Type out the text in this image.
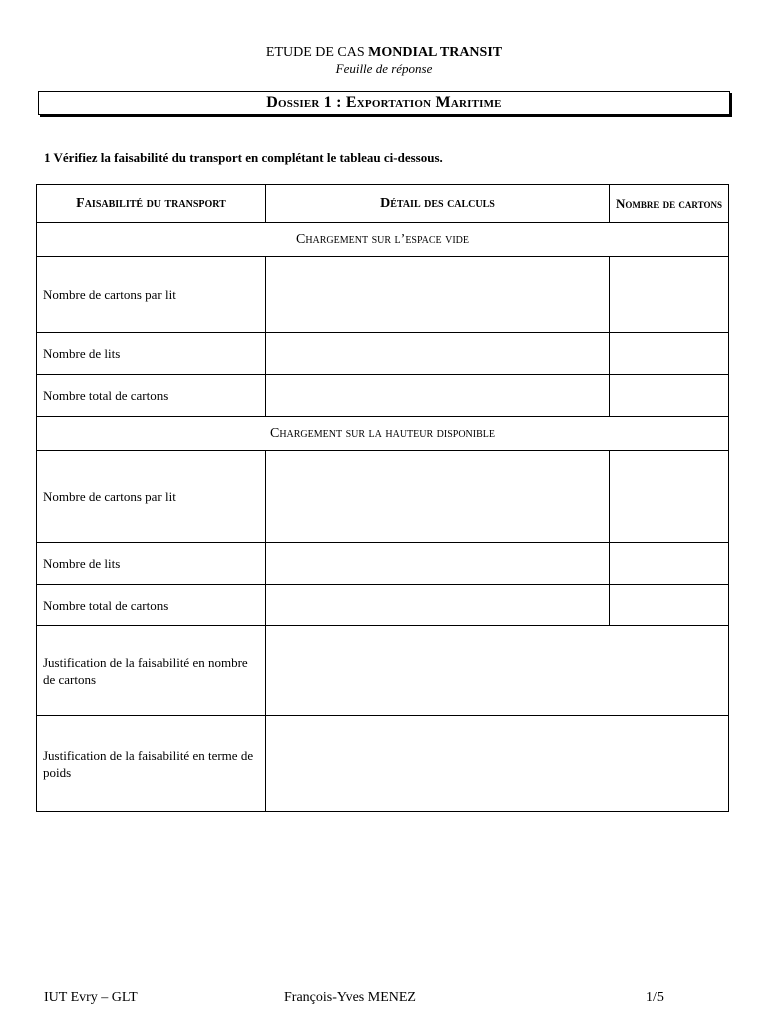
ETUDE DE CAS MONDIAL TRANSIT
Feuille de réponse
Dossier 1 : Exportation Maritime
1 Vérifiez la faisabilité du transport en complétant le tableau ci-dessous.
Faisabilité du transport	Détail des calculs	Nombre de cartons
Chargement sur l’espace vide		
Nombre de cartons par lit		
Nombre de lits		
Nombre total de cartons		
Chargement sur la hauteur disponible		
Nombre de cartons par lit		
Nombre de lits		
Nombre total de cartons		
Justification de la faisabilité en nombre de cartons		
Justification de la faisabilité en terme de poids		
IUT Evry – GLT	François-Yves MENEZ	1/5
